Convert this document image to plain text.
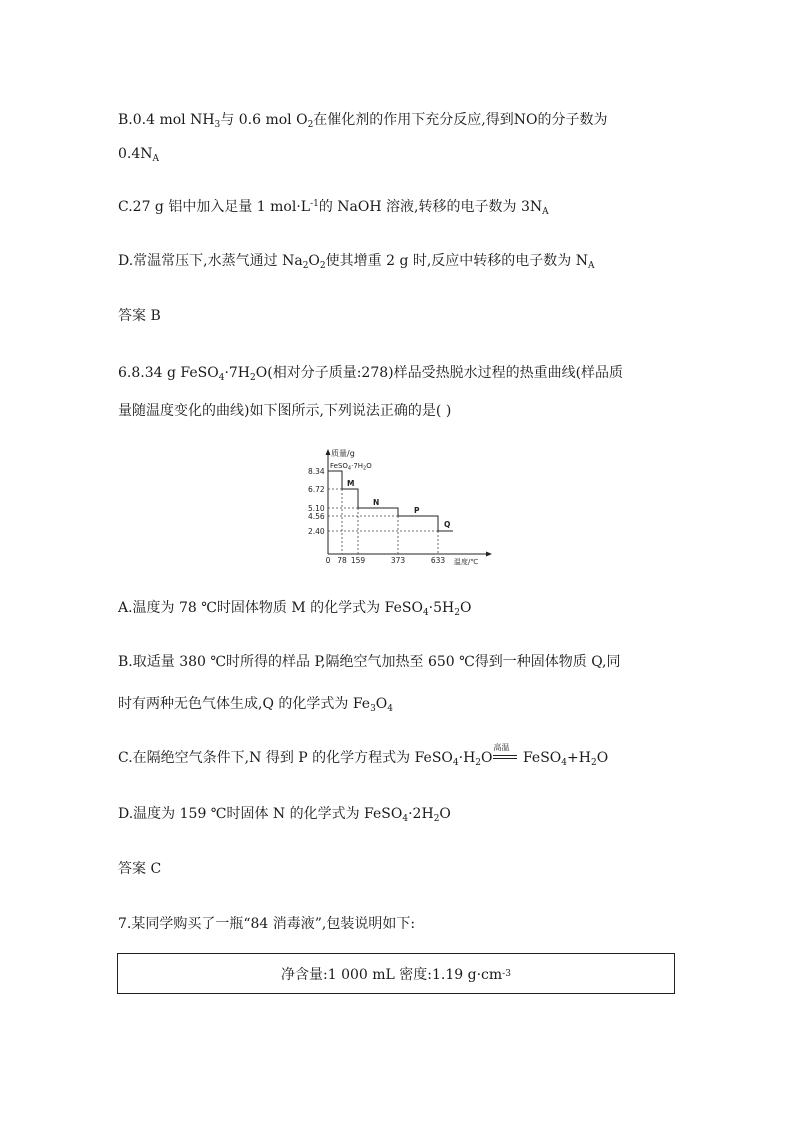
B.0.4 mol $NH_3$与 0.6 mol $O_2$在催化剂的作用下充分反应,得到NO的分子数为
$0.4N_A$
C.27 g 铝中加入足量 1 $mol\cdot L^{-1}$的 NaOH 溶液,转移的电子数为 $3N_A$
D.常温常压下,水蒸气通过 $Na_2O_2$使其增重 2 g 时,反应中转移的电子数为 $N_A$
答案 B
6.8.34 g $FeSO_4\cdot 7H_2O$(相对分子质量:278)样品受热脱水过程的热重曲线(样品质
量随温度变化的曲线)如下图所示,下列说法正确的是( )
质量/g
温度/℃
8.34
6.72
5.10
4.56
2.40
0 78 159	373	633
$FeSO_4\cdot 7H_2O$
M
N
P
Q
A.温度为 78 ℃时固体物质 M 的化学式为 $FeSO_4\cdot 5H_2O$
B.取适量 380 ℃时所得的样品 P,隔绝空气加热至 650 ℃得到一种固体物质 Q,同
时有两种无色气体生成,Q 的化学式为 $Fe_3O_4$
C.在隔绝空气条件下,N 得到 P 的化学方程式为 $FeSO_4\cdot H_2O$
高温
$FeSO_4+H_2O$
D.温度为 159 ℃时固体 N 的化学式为 $FeSO_4\cdot 2H_2O$
答案 C
7.某同学购买了一瓶“84 消毒液”,包装说明如下:
净含量:1 000 mL 密度:1.19 g·cm -3
